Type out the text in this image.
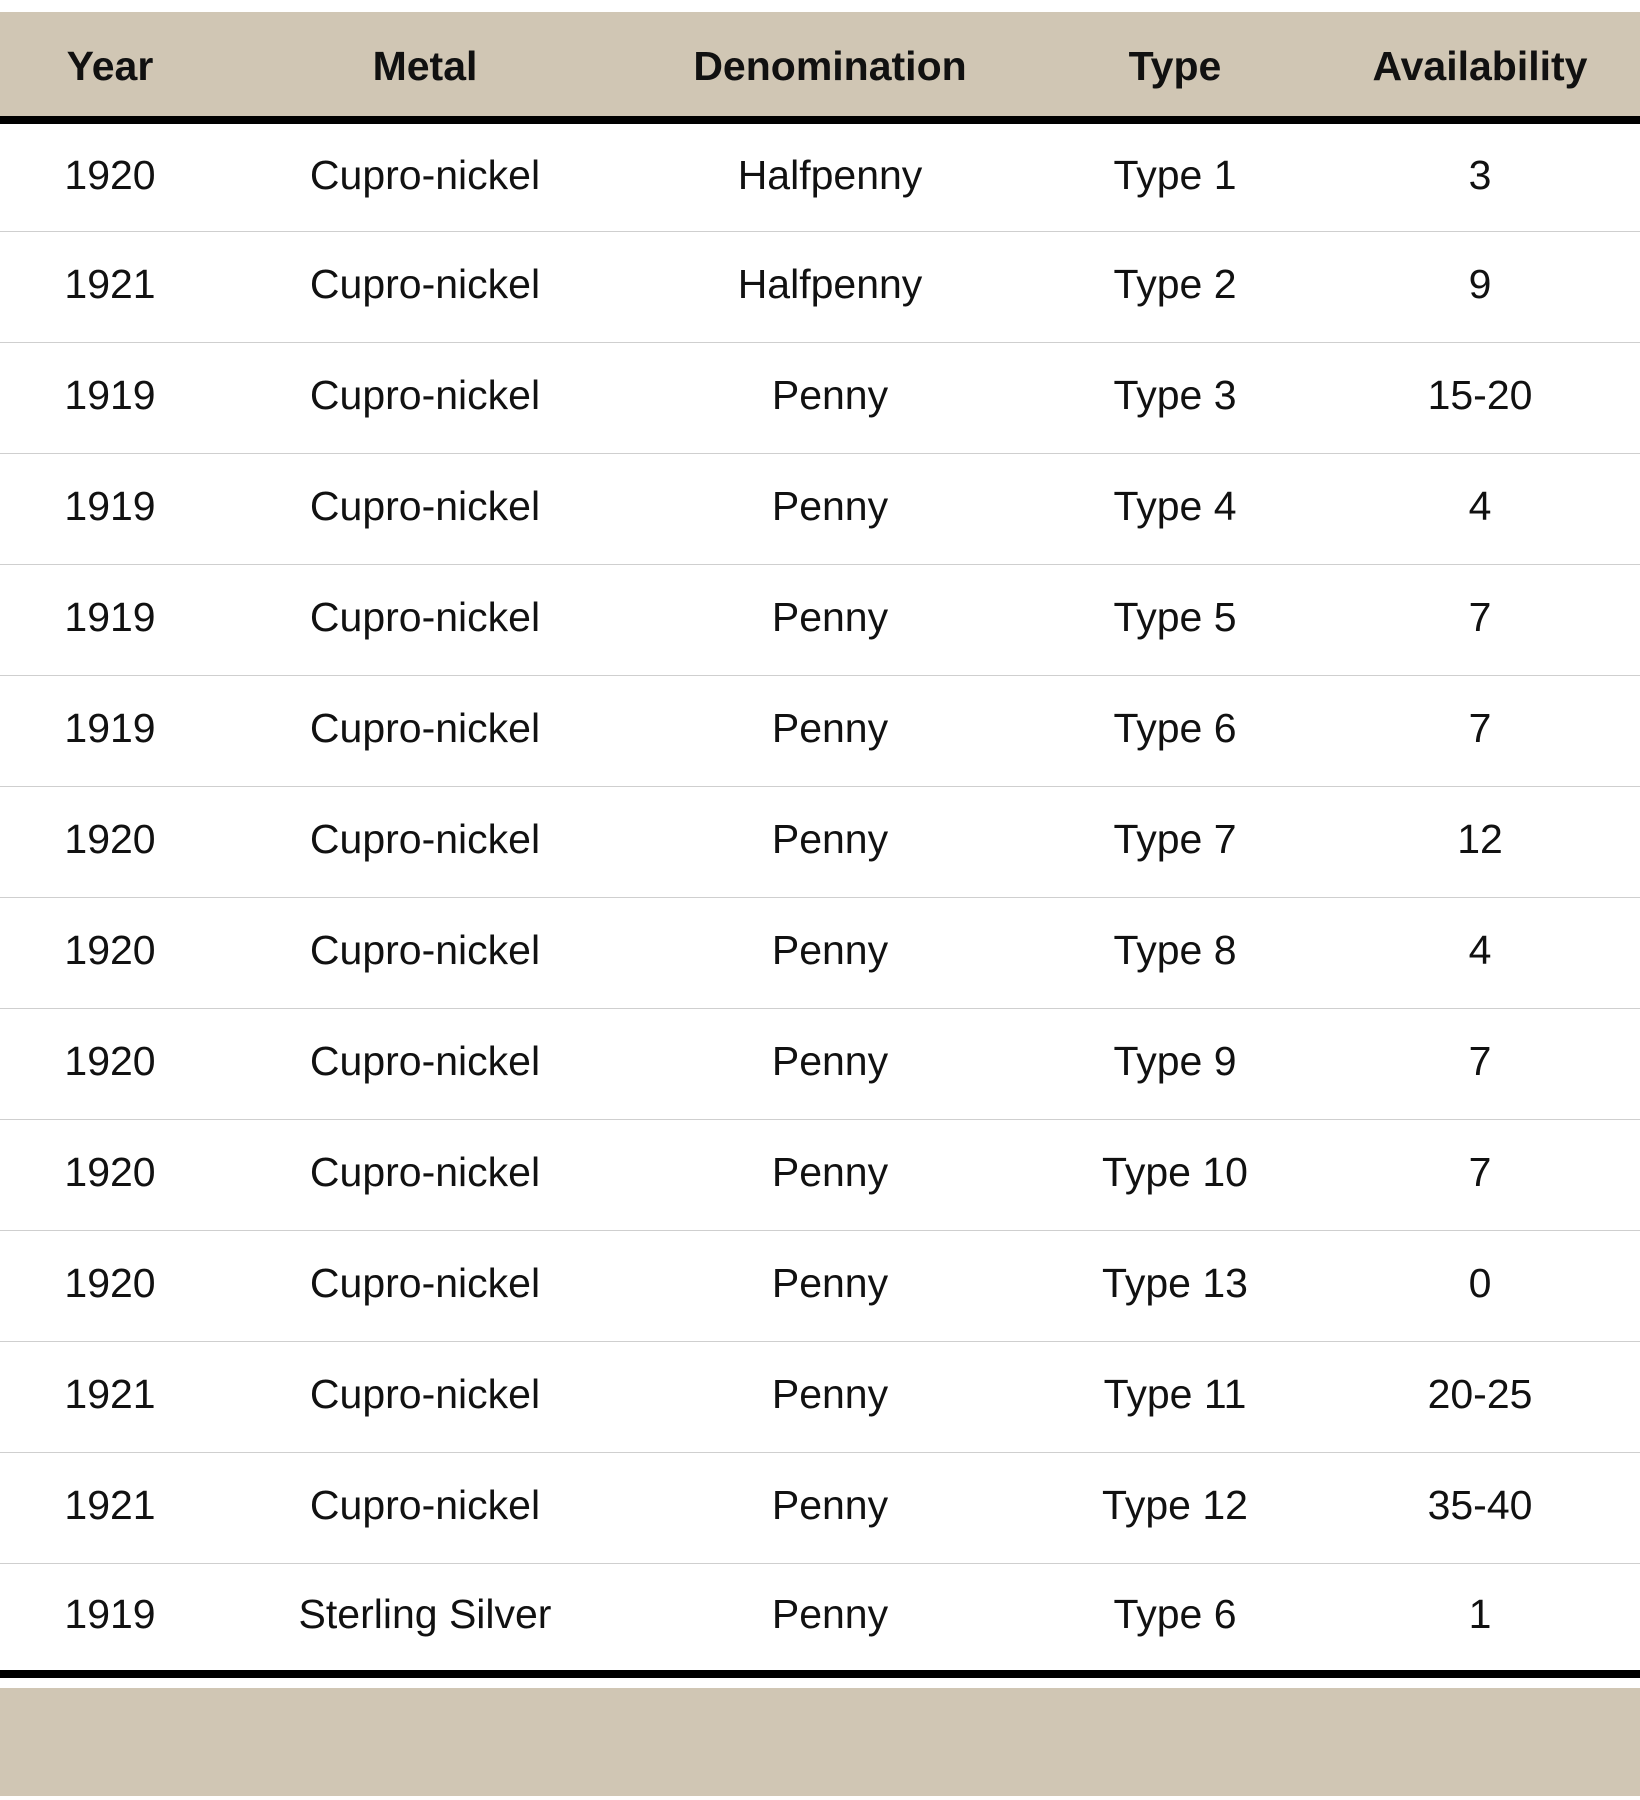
Year	Metal	Denomination	Type	Availability
1920	Cupro-nickel	Halfpenny	Type 1	3
1921	Cupro-nickel	Halfpenny	Type 2	9
1919	Cupro-nickel	Penny	Type 3	15-20
1919	Cupro-nickel	Penny	Type 4	4
1919	Cupro-nickel	Penny	Type 5	7
1919	Cupro-nickel	Penny	Type 6	7
1920	Cupro-nickel	Penny	Type 7	12
1920	Cupro-nickel	Penny	Type 8	4
1920	Cupro-nickel	Penny	Type 9	7
1920	Cupro-nickel	Penny	Type 10	7
1920	Cupro-nickel	Penny	Type 13	0
1921	Cupro-nickel	Penny	Type 11	20-25
1921	Cupro-nickel	Penny	Type 12	35-40
1919	Sterling Silver	Penny	Type 6	1
